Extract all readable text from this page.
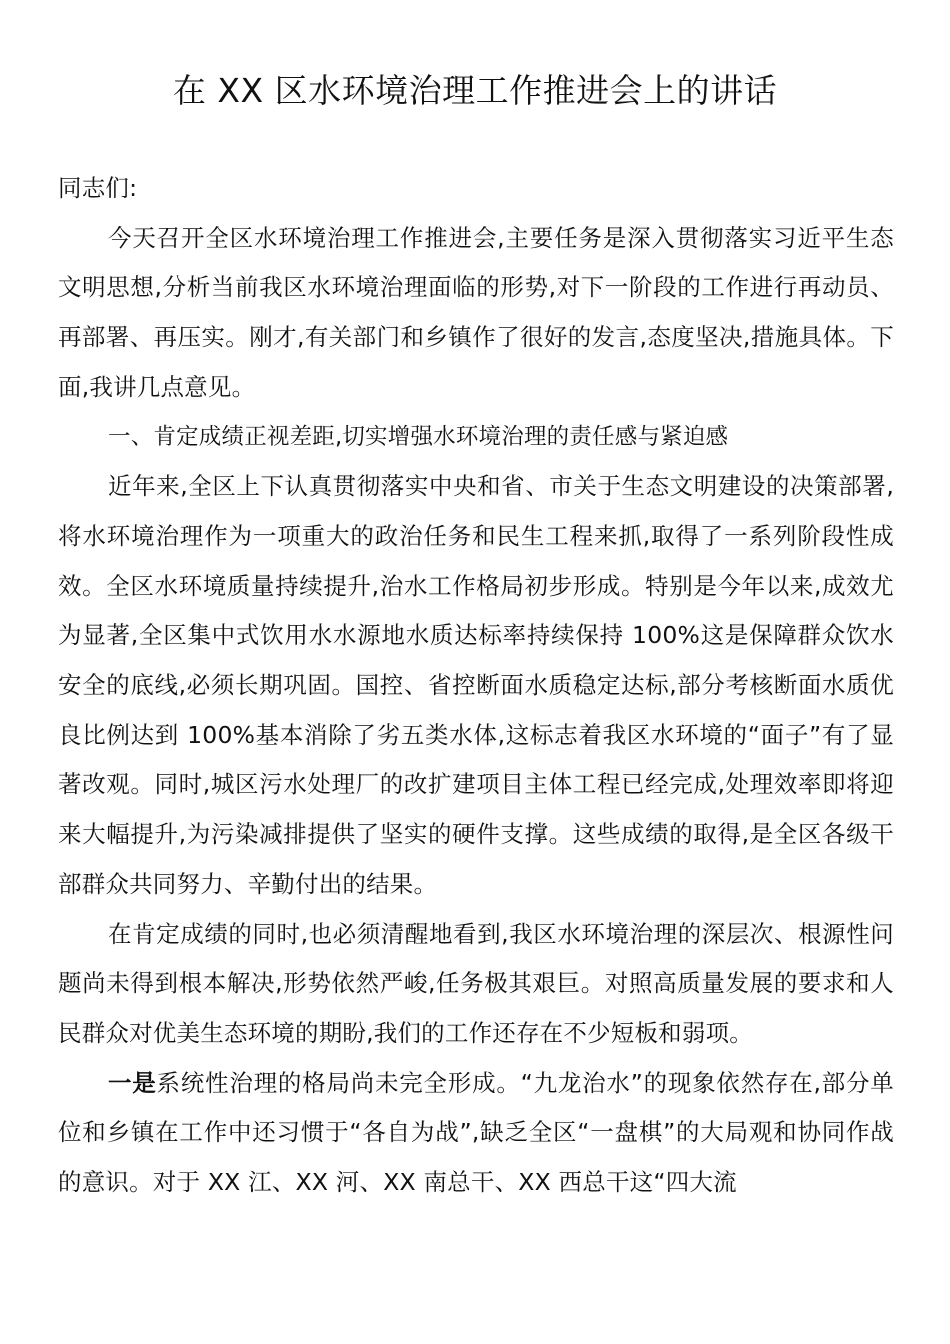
在 XX 区水环境治理工作推进会上的讲话

同志们:

今天召开全区水环境治理工作推进会,主要任务是深入贯彻落实习近平生态文明思想,分析当前我区水环境治理面临的形势,对下一阶段的工作进行再动员、再部署、再压实。刚才,有关部门和乡镇作了很好的发言,态度坚决,措施具体。下面,我讲几点意见。

一、肯定成绩正视差距,切实增强水环境治理的责任感与紧迫感

近年来,全区上下认真贯彻落实中央和省、市关于生态文明建设的决策部署,将水环境治理作为一项重大的政治任务和民生工程来抓,取得了一系列阶段性成效。全区水环境质量持续提升,治水工作格局初步形成。特别是今年以来,成效尤为显著,全区集中式饮用水水源地水质达标率持续保持 100%这是保障群众饮水安全的底线,必须长期巩固。国控、省控断面水质稳定达标,部分考核断面水质优良比例达到 100%基本消除了劣五类水体,这标志着我区水环境的“面子”有了显著改观。同时,城区污水处理厂的改扩建项目主体工程已经完成,处理效率即将迎来大幅提升,为污染减排提供了坚实的硬件支撑。这些成绩的取得,是全区各级干部群众共同努力、辛勤付出的结果。

在肯定成绩的同时,也必须清醒地看到,我区水环境治理的深层次、根源性问题尚未得到根本解决,形势依然严峻,任务极其艰巨。对照高质量发展的要求和人民群众对优美生态环境的期盼,我们的工作还存在不少短板和弱项。

一是系统性治理的格局尚未完全形成。“九龙治水”的现象依然存在,部分单位和乡镇在工作中还习惯于“各自为战”,缺乏全区“一盘棋”的大局观和协同作战的意识。对于 XX 江、XX 河、XX 南总干、XX 西总干这“四大流
